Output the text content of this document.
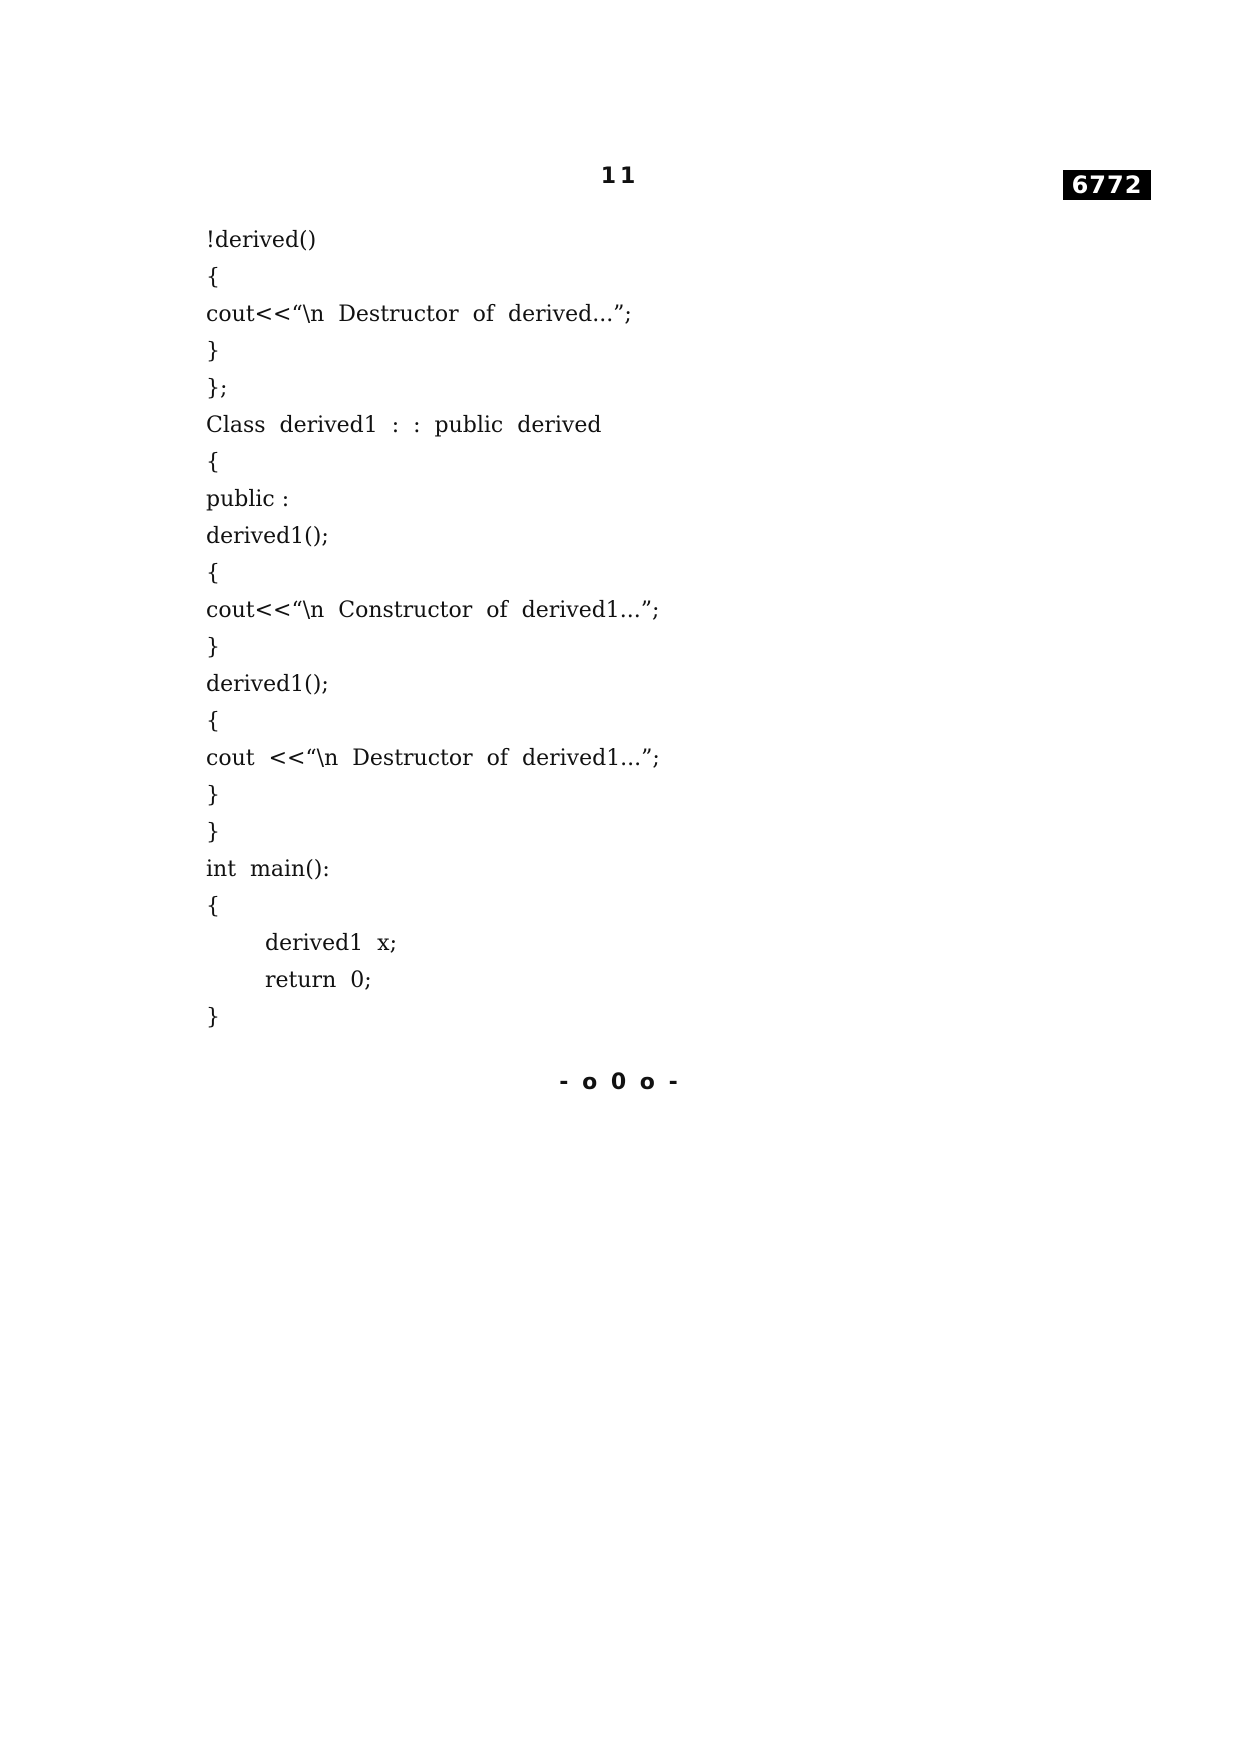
11	6772
!derived()
{
cout<<“\n  Destructor  of  derived...”;
}
};
Class  derived1  :  :  public  derived
{
public :
derived1();
{
cout<<“\n  Constructor  of  derived1...”;
}
derived1();
{
cout  <<“\n  Destructor  of  derived1...”;
}
}
int  main():
{
derived1  x;
return  0;
}
- o 0 o -
